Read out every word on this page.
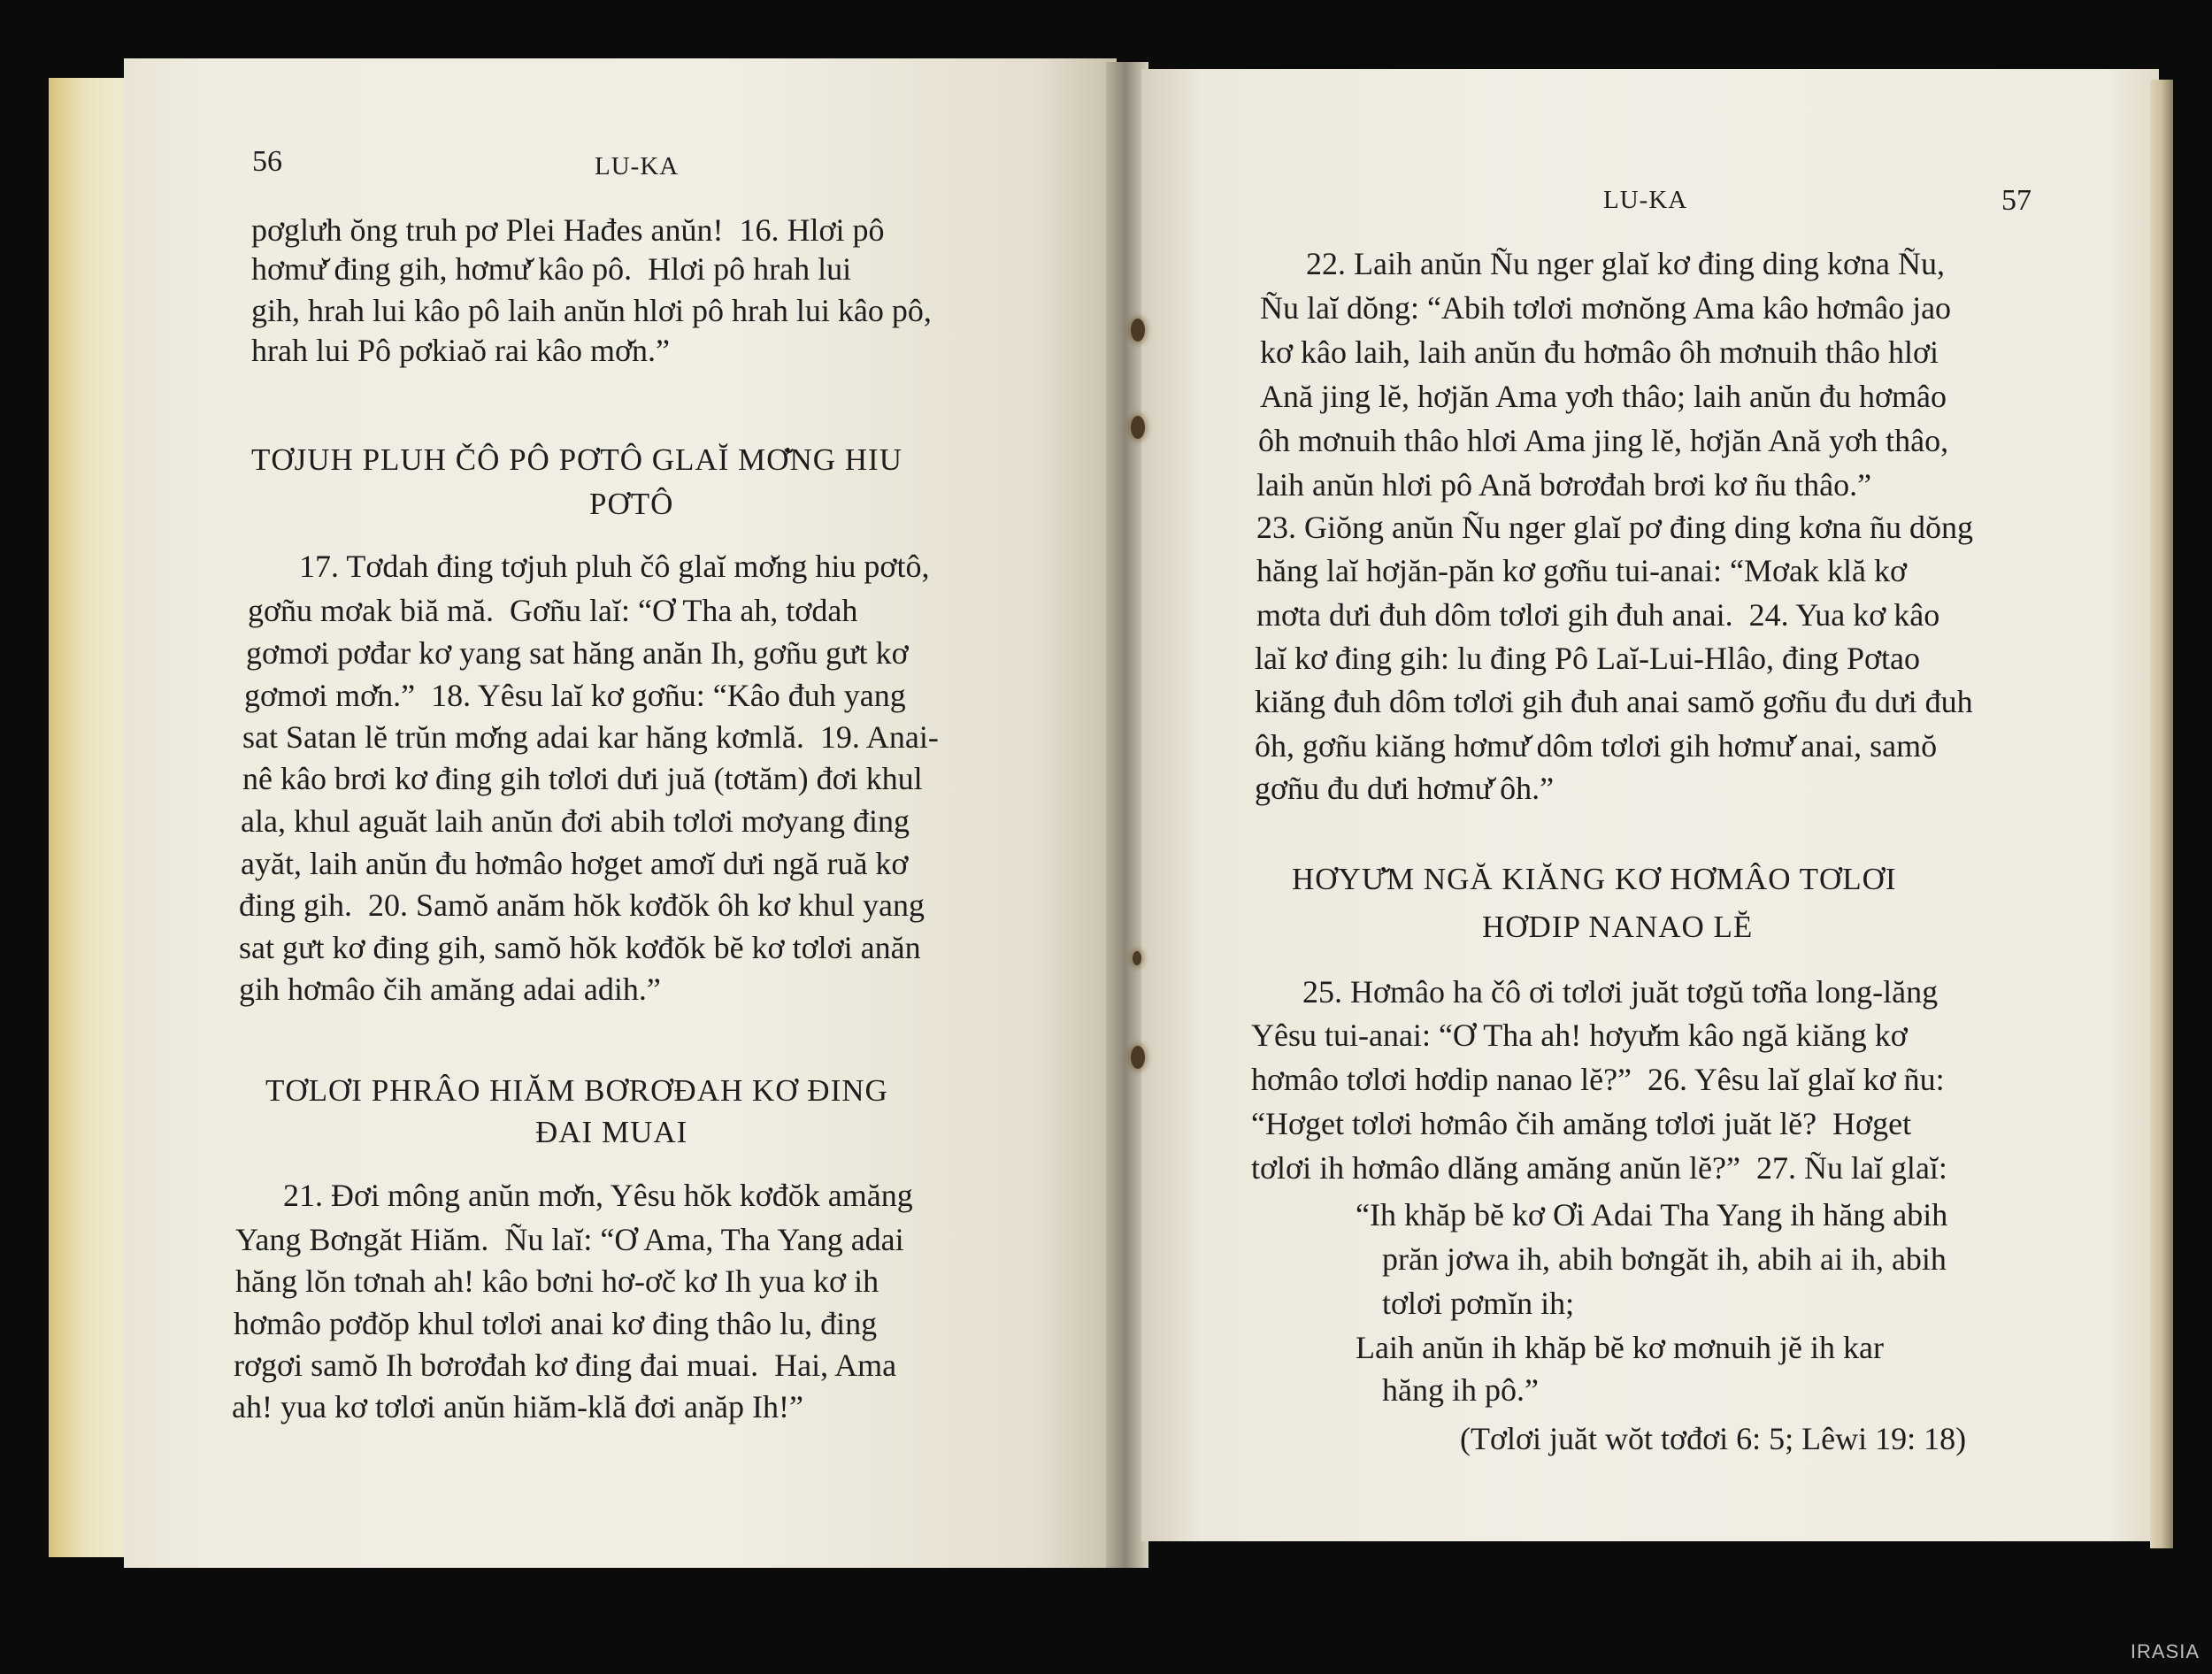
56	LU-KA
pơglưh ŏng truh pơ Plei Hađes anŭn!  16. Hlơi pô
hơmư̆ đing gih, hơmư̆ kâo pô.  Hlơi pô hrah lui
gih, hrah lui kâo pô laih anŭn hlơi pô hrah lui kâo pô,
hrah lui Pô pơkiaŏ rai kâo mơ̆n.”
TƠJUH PLUH ČÔ PÔ PƠTÔ GLAĬ MƠ̆NG HIU
PƠTÔ
17. Tơdah đing tơjuh pluh čô glaĭ mơ̆ng hiu pơtô,
gơñu mơak biă mă.  Gơñu laĭ: “Ơ Tha ah, tơdah
gơmơi pơđar kơ yang sat hăng anăn Ih, gơñu gưt kơ
gơmơi mơ̆n.”  18. Yêsu laĭ kơ gơñu: “Kâo đuh yang
sat Satan lĕ trŭn mơ̆ng adai kar hăng kơmlă.  19. Anai-
nê kâo brơi kơ đing gih tơlơi dưi juă (tơtăm) đơi khul
ala, khul aguăt laih anŭn đơi abih tơlơi mơyang đing
ayăt, laih anŭn đu hơmâo hơget amơĭ dưi ngă ruă kơ
đing gih.  20. Samŏ anăm hŏk kơđŏk ôh kơ khul yang
sat gưt kơ đing gih, samŏ hŏk kơđŏk bĕ kơ tơlơi anăn
gih hơmâo čih amăng adai adih.”
TƠLƠI PHRÂO HIĂM BƠRƠĐAH KƠ ĐING
ĐAI MUAI
21. Đơi mông anŭn mơ̆n, Yêsu hŏk kơđŏk amăng
Yang Bơngăt Hiăm.  Ñu laĭ: “Ơ Ama, Tha Yang adai
hăng lŏn tơnah ah! kâo bơni hơ-ơč kơ Ih yua kơ ih
hơmâo pơđŏp khul tơlơi anai kơ đing thâo lu, đing
rơgơi samŏ Ih bơrơđah kơ đing đai muai.  Hai, Ama
ah! yua kơ tơlơi anŭn hiăm-klă đơi anăp Ih!”
LU-KA	57
22. Laih anŭn Ñu nger glaĭ kơ đing ding kơna Ñu,
Ñu laĭ dŏng: “Abih tơlơi mơnŏng Ama kâo hơmâo jao
kơ kâo laih, laih anŭn đu hơmâo ôh mơnuih thâo hlơi
Ană jing lĕ, hơjăn Ama yơh thâo; laih anŭn đu hơmâo
ôh mơnuih thâo hlơi Ama jing lĕ, hơjăn Ană yơh thâo,
laih anŭn hlơi pô Ană bơrơđah brơi kơ ñu thâo.”
23. Giŏng anŭn Ñu nger glaĭ pơ đing ding kơna ñu dŏng
hăng laĭ hơjăn-păn kơ gơñu tui-anai: “Mơak klă kơ
mơta dưi đuh dôm tơlơi gih đuh anai.  24. Yua kơ kâo
laĭ kơ đing gih: lu đing Pô Laĭ-Lui-Hlâo, đing Pơtao
kiăng đuh dôm tơlơi gih đuh anai samŏ gơñu đu dưi đuh
ôh, gơñu kiăng hơmư̆ dôm tơlơi gih hơmư̆ anai, samŏ
gơñu đu dưi hơmư̆ ôh.”
HƠYƯ̆M NGĂ KIĂNG KƠ HƠMÂO TƠLƠI
HƠDIP NANAO LĔ
25. Hơmâo ha čô ơi tơlơi juăt tơgŭ tơña long-lăng
Yêsu tui-anai: “Ơ Tha ah! hơyư̆m kâo ngă kiăng kơ
hơmâo tơlơi hơdip nanao lĕ?”  26. Yêsu laĭ glaĭ kơ ñu:
“Hơget tơlơi hơmâo čih amăng tơlơi juăt lĕ?  Hơget
tơlơi ih hơmâo dlăng amăng anŭn lĕ?”  27. Ñu laĭ glaĭ:
“Ih khăp bĕ kơ Ơi Adai Tha Yang ih hăng abih
prăn jơwa ih, abih bơngăt ih, abih ai ih, abih
tơlơi pơmĭn ih;
Laih anŭn ih khăp bĕ kơ mơnuih jĕ ih kar
hăng ih pô.”
(Tơlơi juăt wŏt tơđơi 6: 5; Lêwi 19: 18)
IRASIA
